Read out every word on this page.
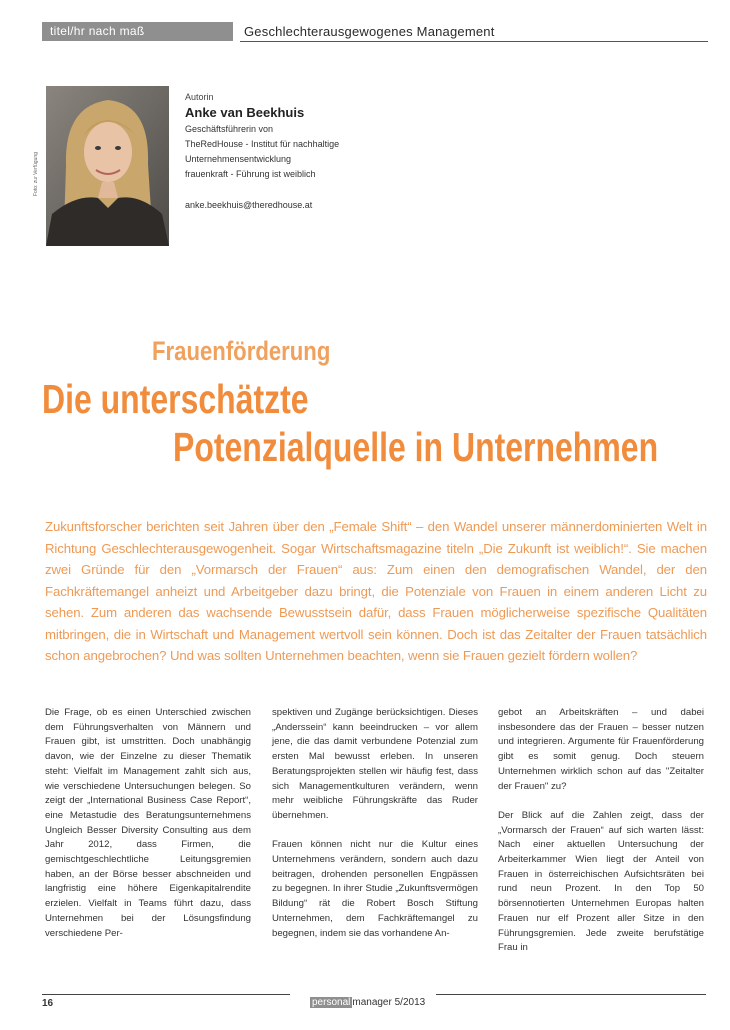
titel/hr nach maß	Geschlechterausgewogenes Management
Foto: zur Verfügung
Autorin
Anke van Beekhuis
Geschäftsführerin von
TheRedHouse - Institut für nachhaltige
Unternehmensentwicklung
frauenkraft - Führung ist weiblich
anke.beekhuis@theredhouse.at
Frauenförderung
Die unterschätzte
Potenzialquelle in Unternehmen
Zukunftsforscher berichten seit Jahren über den „Female Shift“ – den Wandel unserer männerdominierten Welt in Richtung Geschlechterausgewogenheit. Sogar Wirtschaftsmagazine titeln „Die Zukunft ist weiblich!“. Sie machen zwei Gründe für den „Vormarsch der Frauen“ aus: Zum einen den demografischen Wandel, der den Fachkräftemangel anheizt und Arbeitgeber dazu bringt, die Potenziale von Frauen in einem anderen Licht zu sehen. Zum anderen das wachsende Bewusstsein dafür, dass Frauen möglicherweise spezifische Qualitäten mitbringen, die in Wirtschaft und Management wertvoll sein können. Doch ist das Zeitalter der Frauen tatsächlich schon angebrochen? Und was sollten Unternehmen beachten, wenn sie Frauen gezielt fördern wollen?

Die Frage, ob es einen Unterschied zwischen dem Führungsverhalten von Männern und Frauen gibt, ist umstritten. Doch unabhängig davon, wie der Einzelne zu dieser Thematik steht: Vielfalt im Management zahlt sich aus, wie verschiedene Untersuchungen belegen. So zeigt der „International Business Case Report“, eine Metastudie des Beratungsunternehmens Ungleich Besser Diversity Consulting aus dem Jahr 2012, dass Firmen, die gemischtgeschlechtliche Leitungsgremien haben, an der Börse besser abschneiden und langfristig eine höhere Eigenkapitalrendite erzielen. Vielfalt in Teams führt dazu, dass Unternehmen bei der Lösungsfindung verschiedene Per-

spektiven und Zugänge berücksichtigen. Dieses „Anderssein“ kann beeindrucken – vor allem jene, die das damit verbundene Potenzial zum ersten Mal bewusst erleben. In unseren Beratungsprojekten stellen wir häufig fest, dass sich Managementkulturen verändern, wenn mehr weibliche Führungskräfte das Ruder übernehmen.

Frauen können nicht nur die Kultur eines Unternehmens verändern, sondern auch dazu beitragen, drohenden personellen Engpässen zu begegnen. In ihrer Studie „Zukunftsvermögen Bildung“ rät die Robert Bosch Stiftung Unternehmen, dem Fachkräftemangel zu begegnen, indem sie das vorhandene An-

gebot an Arbeitskräften – und dabei insbesondere das der Frauen – besser nutzen und integrieren. Argumente für Frauenförderung gibt es somit genug. Doch steuern Unternehmen wirklich schon auf das "Zeitalter der Frauen" zu?

Der Blick auf die Zahlen zeigt, dass der „Vormarsch der Frauen“ auf sich warten lässt: Nach einer aktuellen Untersuchung der Arbeiterkammer Wien liegt der Anteil von Frauen in österreichischen Aufsichtsräten bei rund neun Prozent. In den Top 50 börsennotierten Unternehmen Europas halten Frauen nur elf Prozent aller Sitze in den Führungsgremien. Jede zweite berufstätige Frau in

16	personal manager 5/2013
